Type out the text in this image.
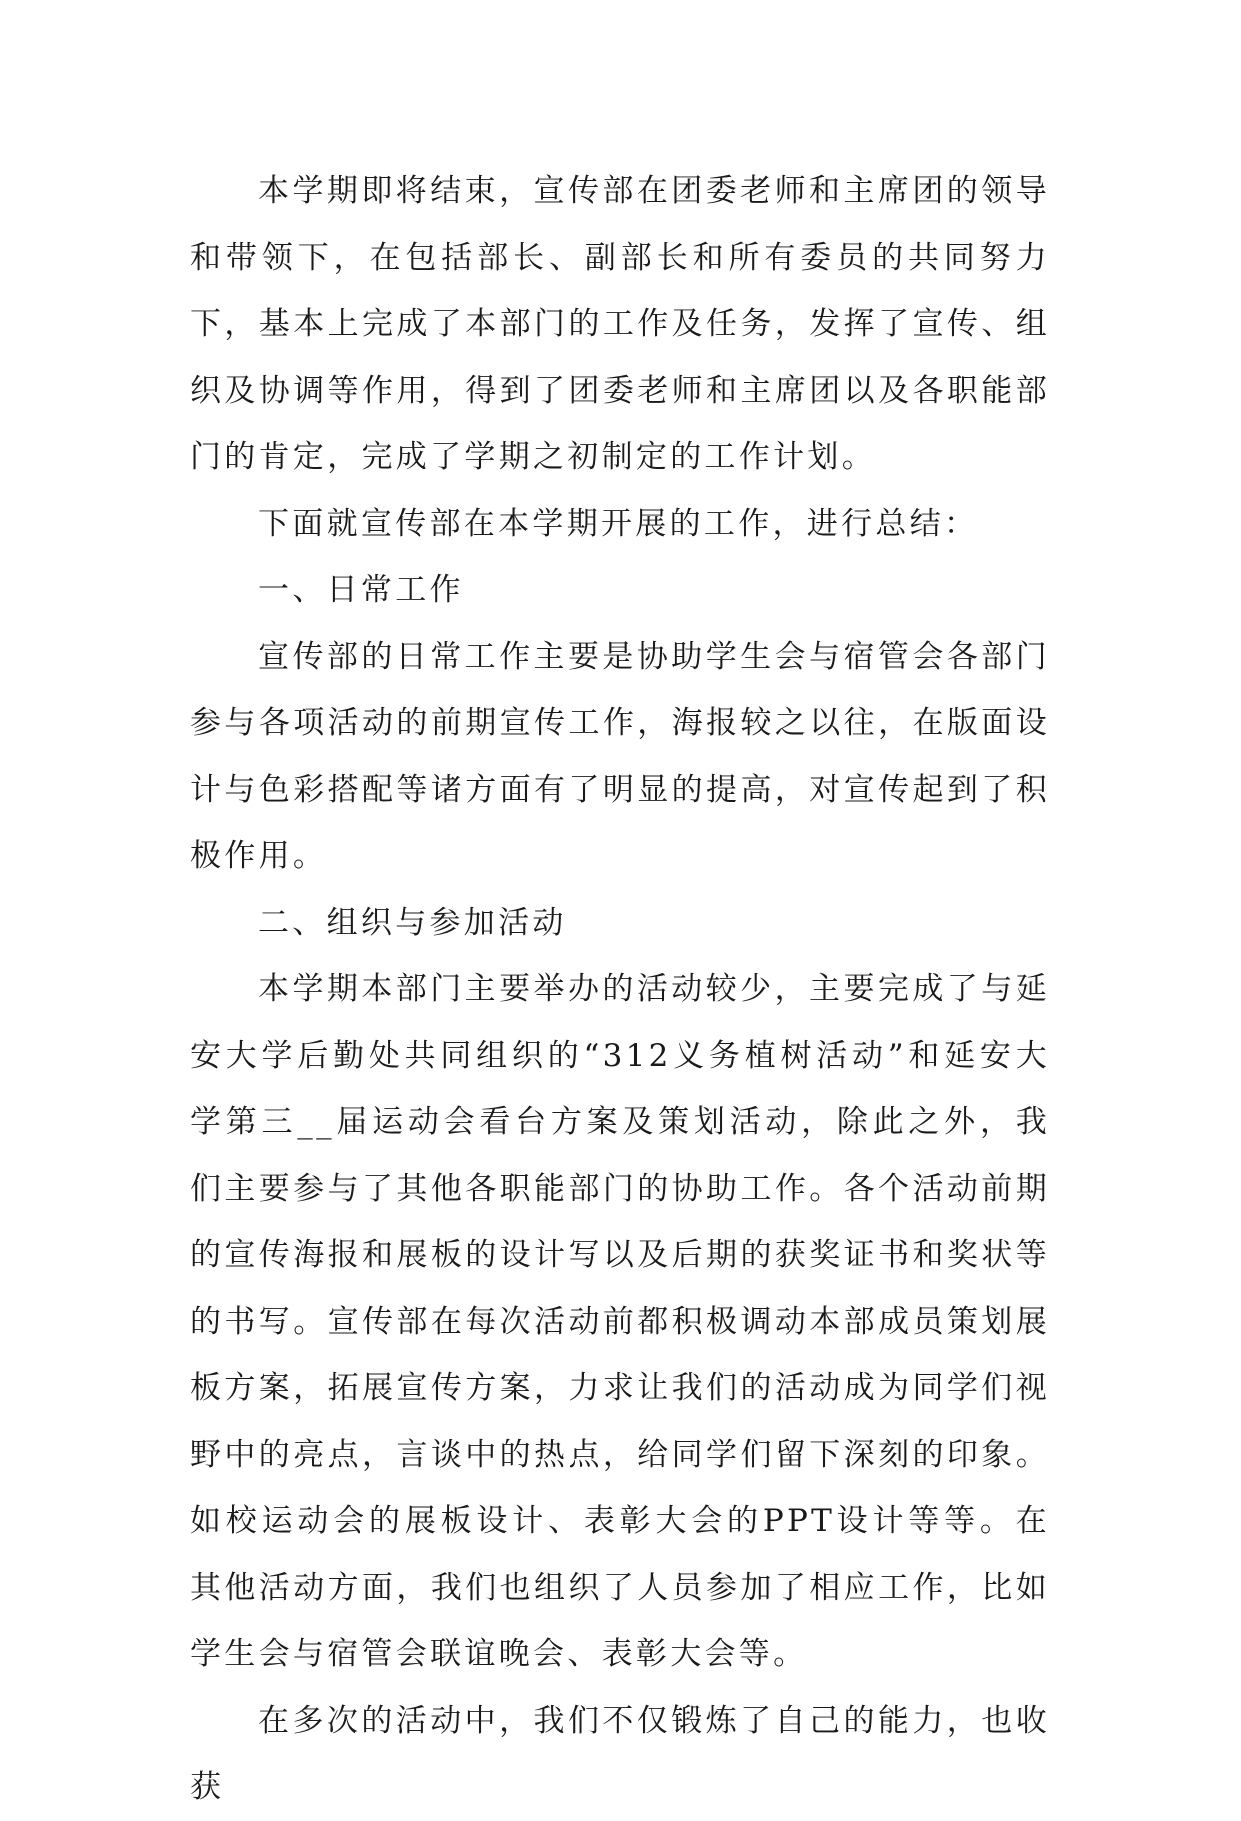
本学期即将结束，宣传部在团委老师和主席团的领导和带领下，在包括部长、副部长和所有委员的共同努力下，基本上完成了本部门的工作及任务，发挥了宣传、组织及协调等作用，得到了团委老师和主席团以及各职能部门的肯定，完成了学期之初制定的工作计划。

下面就宣传部在本学期开展的工作，进行总结：

一、日常工作

宣传部的日常工作主要是协助学生会与宿管会各部门参与各项活动的前期宣传工作，海报较之以往，在版面设计与色彩搭配等诸方面有了明显的提高，对宣传起到了积极作用。

二、组织与参加活动

本学期本部门主要举办的活动较少，主要完成了与延安大学后勤处共同组织的“312义务植树活动”和延安大学第三__届运动会看台方案及策划活动，除此之外，我们主要参与了其他各职能部门的协助工作。各个活动前期的宣传海报和展板的设计写以及后期的获奖证书和奖状等的书写。宣传部在每次活动前都积极调动本部成员策划展板方案，拓展宣传方案，力求让我们的活动成为同学们视野中的亮点，言谈中的热点，给同学们留下深刻的印象。如校运动会的展板设计、表彰大会的PPT设计等等。在其他活动方面，我们也组织了人员参加了相应工作，比如学生会与宿管会联谊晚会、表彰大会等。

在多次的活动中，我们不仅锻炼了自己的能力，也收获
